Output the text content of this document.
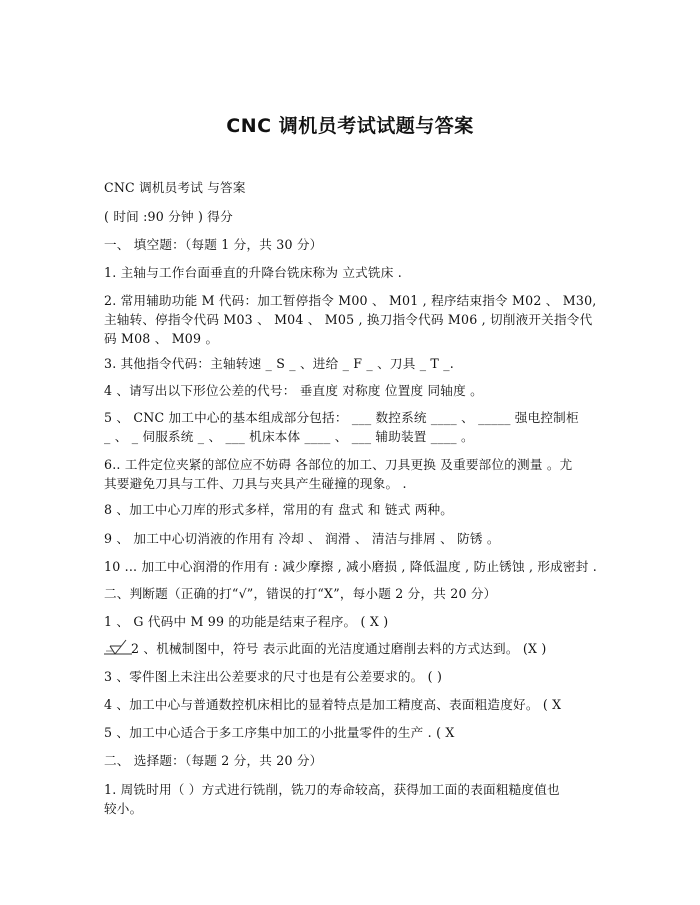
CNC 调机员考试试题与答案
CNC 调机员考试 与答案
( 时间 :90 分钟 ) 得分
一、 填空题：（每题 1 分，共 30 分）
1. 主轴与工作台面垂直的升降台铣床称为 立式铣床 .
2. 常用辅助功能 M 代码：加工暂停指令 M00 、 M01 , 程序结束指令 M02 、 M30,
主轴转、停指令代码 M03 、 M04 、 M05 , 换刀指令代码 M06 , 切削液开关指令代
码 M08 、 M09 。
3. 其他指令代码：主轴转速 _ S _ 、进给 _ F _ 、刀具 _ T _.
4 、请写出以下形位公差的代号： 垂直度 对称度 位置度 同轴度 。
5 、 CNC 加工中心的基本组成部分包括： ___ 数控系统 ____ 、 _____ 强电控制柜
_ 、 _ 伺服系统 _ 、 ___ 机床本体 ____ 、 ___ 辅助装置 ____ 。
6.. 工件定位夹紧的部位应不妨碍 各部位的加工、刀具更换 及重要部位的测量 。尤
其要避免刀具与工件、刀具与夹具产生碰撞的现象。 .
8 、加工中心刀库的形式多样，常用的有 盘式 和 链式 两种。
9 、 加工中心切消液的作用有 冷却 、 润滑 、 清洁与排屑 、 防锈 。
10 ... 加工中心润滑的作用有 : 减少摩擦 , 减小磨损 , 降低温度 , 防止锈蚀 , 形成密封 .
二、判断题（正确的打“√”，错误的打“X”，每小题 2 分，共 20 分）
1 、 G 代码中 M 99 的功能是结束子程序。 ( X )
2 、机械制图中，符号 表示此面的光洁度通过磨削去料的方式达到。 (X )
3 、零件图上未注出公差要求的尺寸也是有公差要求的。 ( )
4 、加工中心与普通数控机床相比的显着特点是加工精度高、表面粗造度好。 ( X
5 、加工中心适合于多工序集中加工的小批量零件的生产 . ( X
二、 选择题：（每题 2 分，共 20 分）
1. 周铣时用（ ）方式进行铣削，铣刀的寿命较高，获得加工面的表面粗糙度值也
较小。
